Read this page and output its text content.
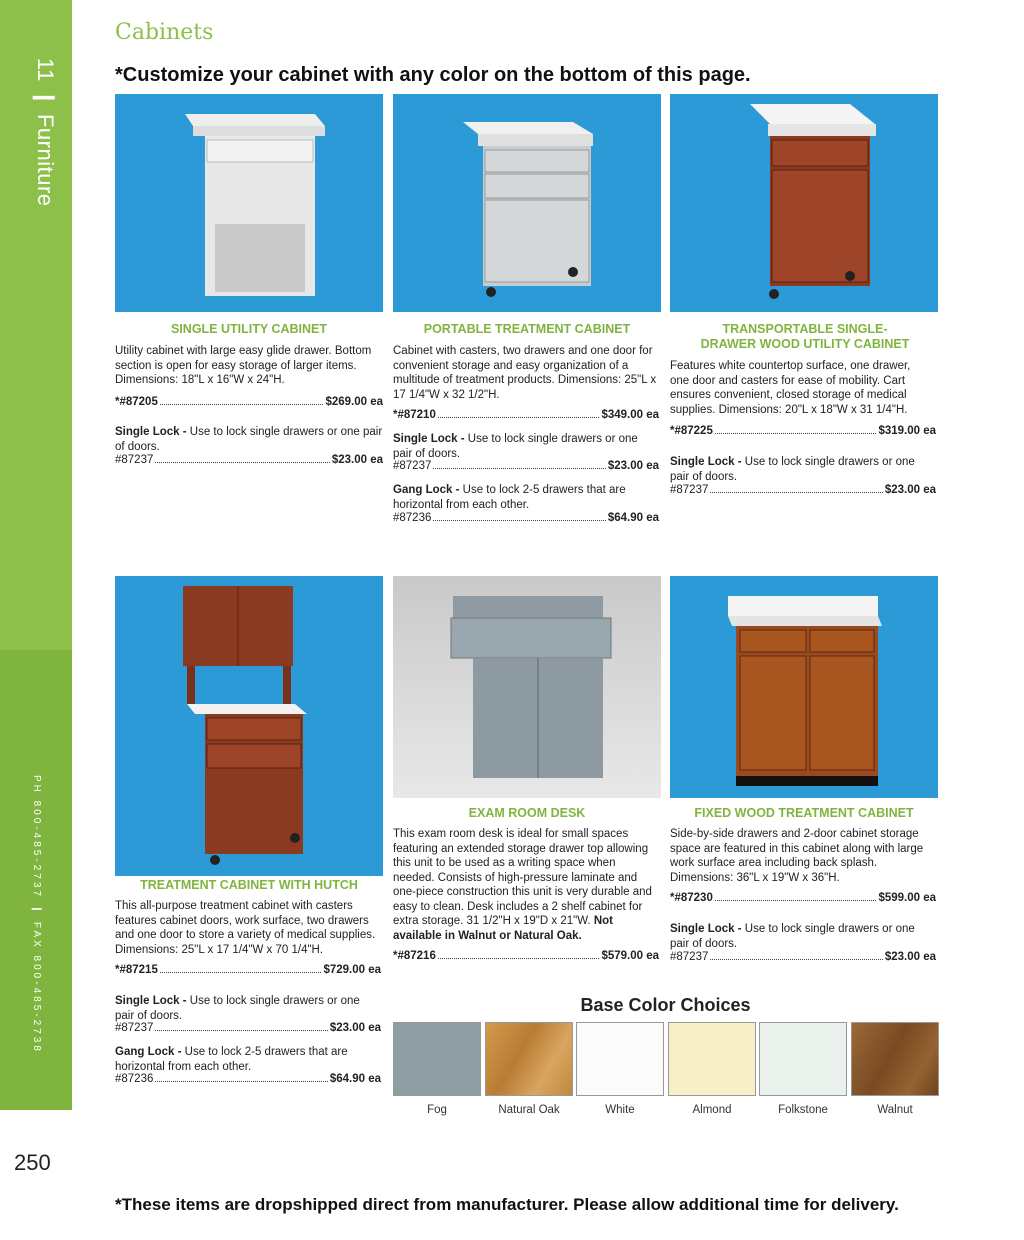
11 ❙ Furniture
PH 800-485-2737 ❙ FAX 800-485-2738
250
Cabinets
*Customize your cabinet with any color on the bottom of this page.
SINGLE UTILITY CABINET
Utility cabinet with large easy glide drawer. Bottom section is open for easy storage of larger items. Dimensions: 18"L x 16"W x 24"H.
*#87205	$269.00 ea
Single Lock - Use to lock single drawers or one pair of doors.
#87237	$23.00 ea
PORTABLE TREATMENT CABINET
Cabinet with casters, two drawers and one door for convenient storage and easy organization of a multitude of treatment products. Dimensions: 25"L x 17 1/4"W x 32 1/2"H.
*#87210	$349.00 ea
Single Lock - Use to lock single drawers or one pair of doors.
#87237	$23.00 ea
Gang Lock - Use to lock 2-5 drawers that are horizontal from each other.
#87236	$64.90 ea
TRANSPORTABLE SINGLE-DRAWER WOOD UTILITY CABINET
Features white countertop surface, one drawer, one door and casters for ease of mobility. Cart ensures convenient, closed storage of medical supplies. Dimensions: 20"L x 18"W x 31 1/4"H.
*#87225	$319.00 ea
Single Lock - Use to lock single drawers or one pair of doors.
#87237	$23.00 ea
TREATMENT CABINET WITH HUTCH
This all-purpose treatment cabinet with casters features cabinet doors, work surface, two drawers and one door to store a variety of medical supplies. Dimensions: 25"L x 17 1/4"W x 70 1/4"H.
*#87215	$729.00 ea
Single Lock - Use to lock single drawers or one pair of doors.
#87237	$23.00 ea
Gang Lock - Use to lock 2-5 drawers that are horizontal from each other.
#87236	$64.90 ea
EXAM ROOM DESK
This exam room desk is ideal for small spaces featuring an extended storage drawer top allowing this unit to be used as a writing space when needed. Consists of high-pressure laminate and one-piece construction this unit is very durable and easy to clean. Desk includes a 2 shelf cabinet for extra storage. 31 1/2"H x 19"D x 21"W. Not available in Walnut or Natural Oak.
*#87216	$579.00 ea
FIXED WOOD TREATMENT CABINET
Side-by-side drawers and 2-door cabinet storage space are featured in this cabinet along with large work surface area including back splash. Dimensions: 36"L x 19"W x 36"H.
*#87230	$599.00 ea
Single Lock - Use to lock single drawers or one pair of doors.
#87237	$23.00 ea
Base Color Choices
Fog	Natural Oak	White	Almond	Folkstone	Walnut
*These items are dropshipped direct from manufacturer. Please allow additional time for delivery.
